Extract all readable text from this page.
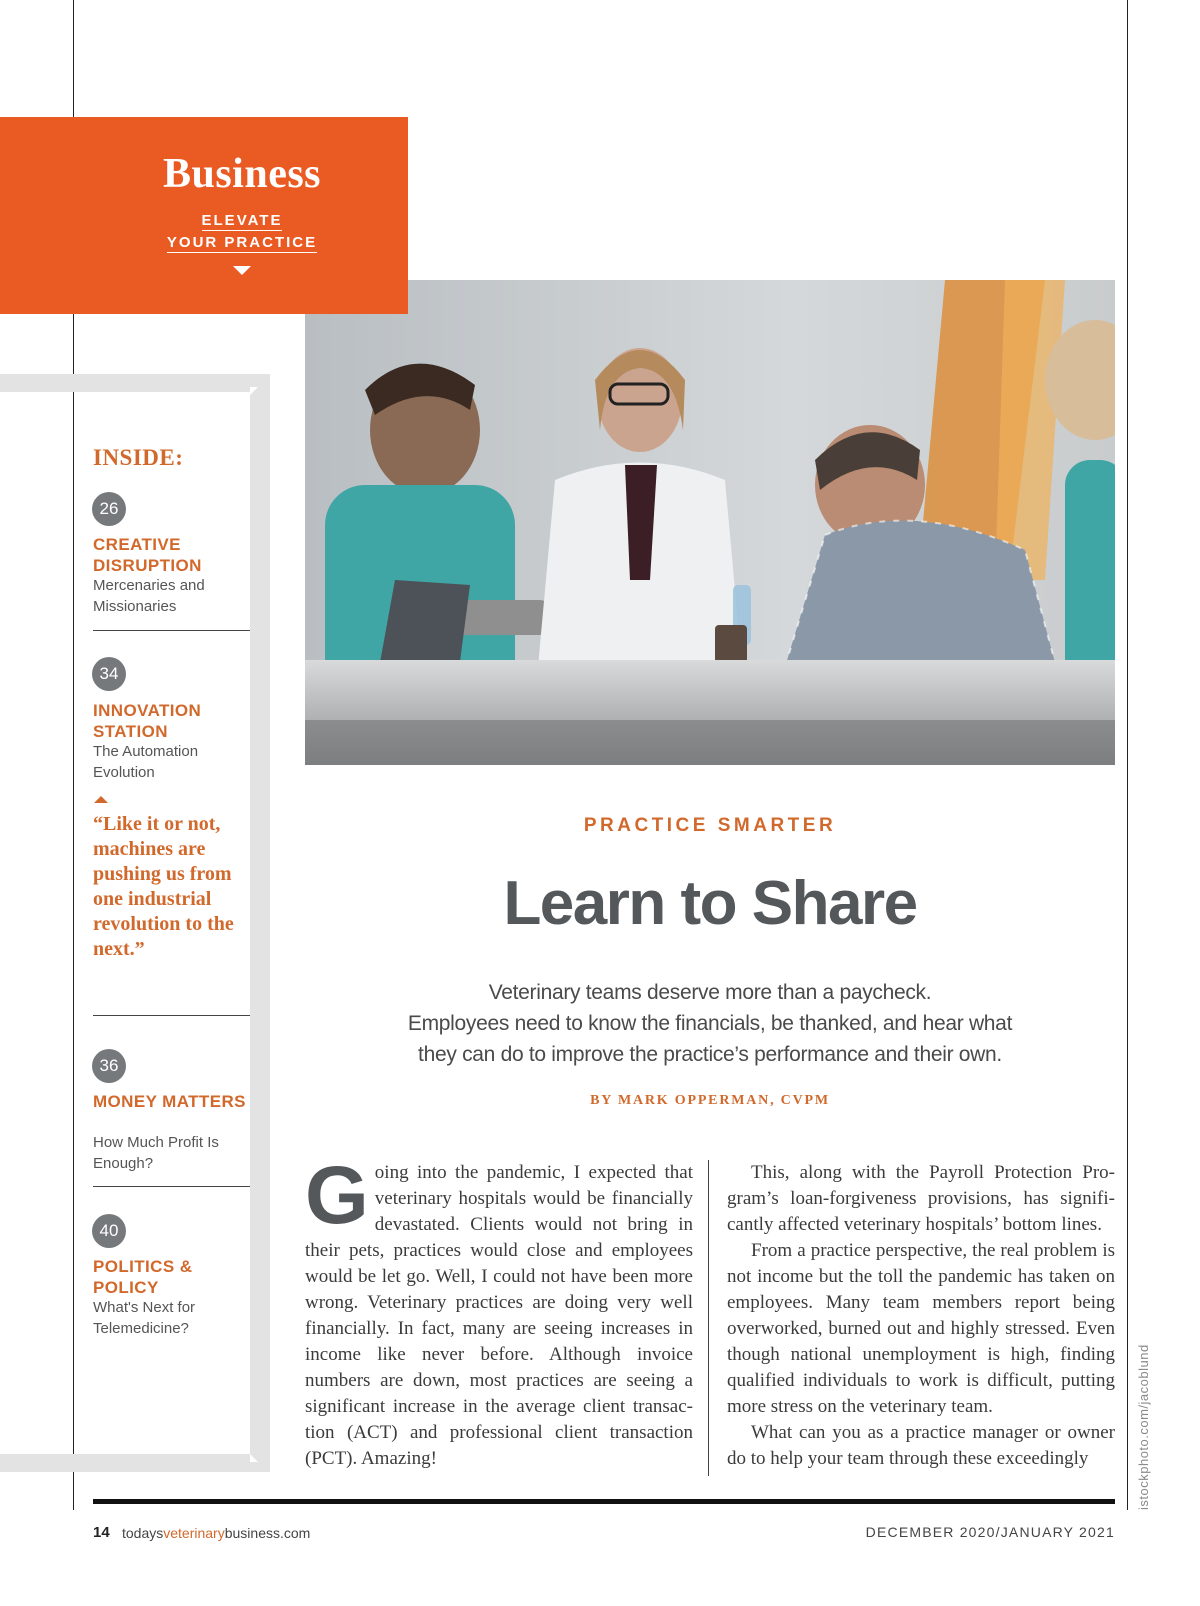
Business
ELEVATE
YOUR PRACTICE
INSIDE:
26
CREATIVE DISRUPTION
Mercenaries and Missionaries
34
INNOVATION STATION
The Automation Evolution
“Like it or not, machines are pushing us from one industrial revolution to the next.”
36
MONEY MATTERS
How Much Profit Is Enough?
40
POLITICS & POLICY
What's Next for Telemedicine?
PRACTICE SMARTER
Learn to Share
Veterinary teams deserve more than a paycheck.
Employees need to know the financials, be thanked, and hear what
they can do to improve the practice’s performance and their own.
BY MARK OPPERMAN, CVPM
Going into the pandemic, I expected that veterinary hospitals would be financially devastated. Clients would not bring in their pets, practices would close and employees would be let go. Well, I could not have been more wrong. Veterinary practices are doing very well financially. In fact, many are seeing increases in income like never before. Although invoice numbers are down, most practices are seeing a significant increase in the average client transaction (ACT) and professional client transaction (PCT). Amazing!

This, along with the Payroll Protection Program’s loan-forgiveness provisions, has significantly affected veterinary hospitals’ bottom lines.

From a practice perspective, the real problem is not income but the toll the pandemic has taken on employees. Many team members report being overworked, burned out and highly stressed. Even though national unemployment is high, finding qualified individuals to work is difficult, putting more stress on the veterinary team.

What can you as a practice manager or owner do to help your team through these exceedingly	istockphoto.com/jacoblund
14 todaysveterinarybusiness.com	DECEMBER 2020/JANUARY 2021
